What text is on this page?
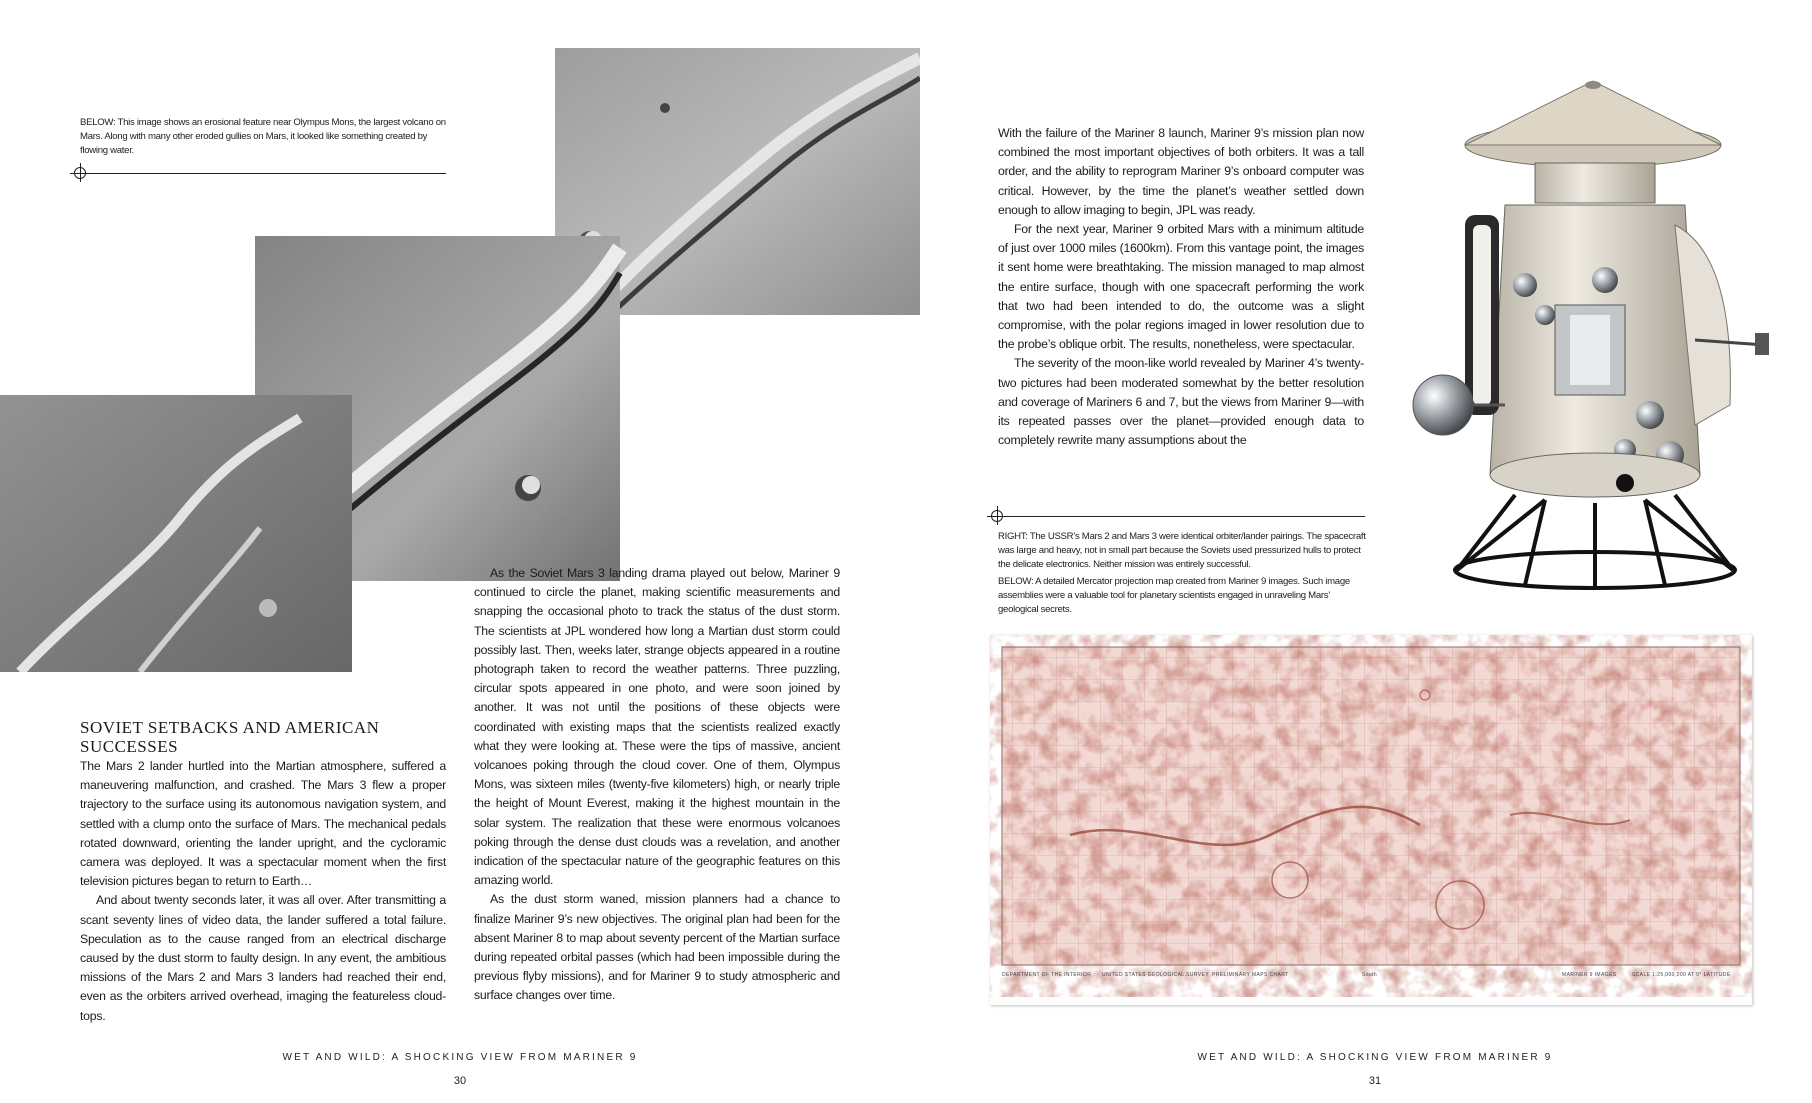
BELOW: This image shows an erosional feature near Olympus Mons, the largest volcano on Mars. Along with many other eroded gullies on Mars, it looked like something created by flowing water.

SOVIET SETBACKS AND AMERICAN
SUCCESSES

The Mars 2 lander hurtled into the Martian atmosphere, suffered a maneuvering malfunction, and crashed. The Mars 3 flew a proper trajectory to the surface using its autonomous navigation system, and settled with a clump onto the surface of Mars. The mechanical pedals rotated downward, orienting the lander upright, and the cycloramic camera was deployed. It was a spectacular moment when the first television pictures began to return to Earth…

And about twenty seconds later, it was all over. After transmitting a scant seventy lines of video data, the lander suffered a total failure. Speculation as to the cause ranged from an electrical discharge caused by the dust storm to faulty design. In any event, the ambitious missions of the Mars 2 and Mars 3 landers had reached their end, even as the orbiters arrived overhead, imaging the featureless cloud-tops.

As the Soviet Mars 3 landing drama played out below, Mariner 9 continued to circle the planet, making scientific measurements and snapping the occasional photo to track the status of the dust storm. The scientists at JPL wondered how long a Martian dust storm could possibly last. Then, weeks later, strange objects appeared in a routine photograph taken to record the weather patterns. Three puzzling, circular spots appeared in one photo, and were soon joined by another. It was not until the positions of these objects were coordinated with existing maps that the scientists realized exactly what they were looking at. These were the tips of massive, ancient volcanoes poking through the cloud cover. One of them, Olympus Mons, was sixteen miles (twenty-five kilometers) high, or nearly triple the height of Mount Everest, making it the highest mountain in the solar system. The realization that these were enormous volcanoes poking through the dense dust clouds was a revelation, and another indication of the spectacular nature of the geographic features on this amazing world.

As the dust storm waned, mission planners had a chance to finalize Mariner 9’s new objectives. The original plan had been for the absent Mariner 8 to map about seventy percent of the Martian surface during repeated orbital passes (which had been impossible during the previous flyby missions), and for Mariner 9 to study atmospheric and surface changes over time.

WET AND WILD: A SHOCKING VIEW FROM MARINER 9
30

With the failure of the Mariner 8 launch, Mariner 9’s mission plan now combined the most important objectives of both orbiters. It was a tall order, and the ability to reprogram Mariner 9’s onboard computer was critical. However, by the time the planet’s weather settled down enough to allow imaging to begin, JPL was ready.

For the next year, Mariner 9 orbited Mars with a minimum altitude of just over 1000 miles (1600km). From this vantage point, the images it sent home were breathtaking. The mission managed to map almost the entire surface, though with one spacecraft performing the work that two had been intended to do, the outcome was a slight compromise, with the polar regions imaged in lower resolution due to the probe’s oblique orbit. The results, nonetheless, were spectacular.

The severity of the moon-like world revealed by Mariner 4’s twenty-two pictures had been moderated somewhat by the better resolution and coverage of Mariners 6 and 7, but the views from Mariner 9—with its repeated passes over the planet—provided enough data to completely rewrite many assumptions about the

RIGHT: The USSR’s Mars 2 and Mars 3 were identical orbiter/lander pairings. The spacecraft was large and heavy, not in small part because the Soviets used pressurized hulls to protect the delicate electronics. Neither mission was entirely successful.

BELOW: A detailed Mercator projection map created from Mariner 9 images. Such image assemblies were a valuable tool for planetary scientists engaged in unraveling Mars’ geological secrets.

DEPARTMENT OF THE INTERIOR UNITED STATES GEOLOGICAL SURVEY PRELIMINARY MAPS CHART	South	MARINER 9 IMAGES	SCALE 1:25,000,000 AT 0° LATITUDE
WET AND WILD: A SHOCKING VIEW FROM MARINER 9
31
